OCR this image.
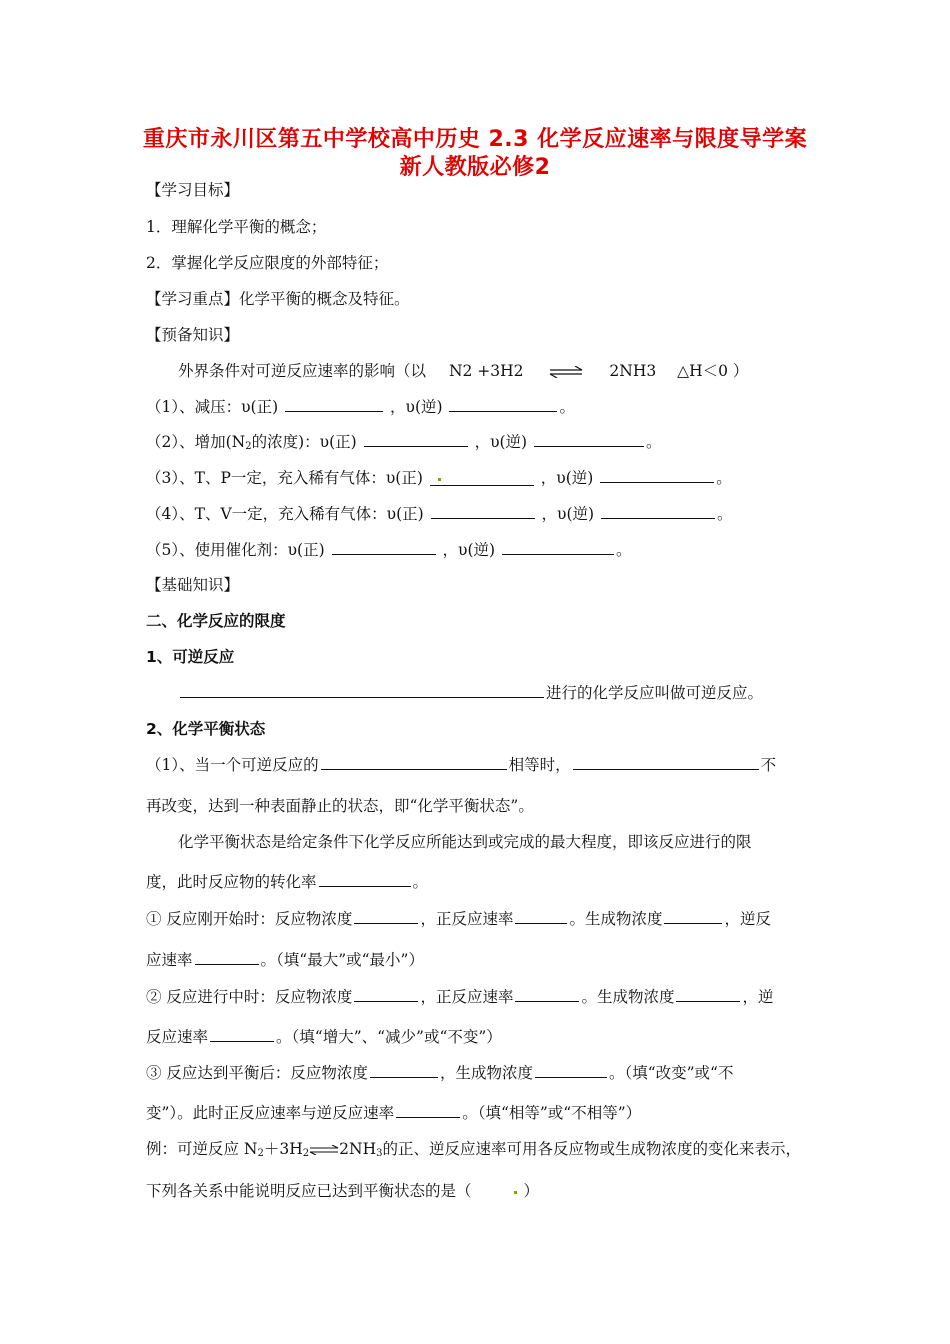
重庆市永川区第五中学校高中历史 2.3 化学反应速率与限度导学案
新人教版必修2
【学习目标】
1．理解化学平衡的概念；
2．掌握化学反应限度的外部特征；
【学习重点】化学平衡的概念及特征。
【预备知识】
外界条件对可逆反应速率的影响（以 N2 +3H2	2NH3 △H＜0 ）
（1）、减压：υ(正)	，υ(逆)	。
（2）、增加($N_2$的浓度)：υ(正)	，υ(逆)	。
（3）、T、P一定，充入稀有气体：υ(正)	，υ(逆)	。
（4）、T、V一定，充入稀有气体：υ(正)	，υ(逆)	。
（5）、使用催化剂：υ(正)	，υ(逆)	。
【基础知识】
二、化学反应的限度
1、可逆反应
进行的化学反应叫做可逆反应。
2、化学平衡状态
（1）、当一个可逆反应的	相等时，	不
再改变，达到一种表面静止的状态，即“化学平衡状态”。
化学平衡状态是给定条件下化学反应所能达到或完成的最大程度，即该反应进行的限
度，此时反应物的转化率	。
① 反应刚开始时：反应物浓度	，正反应速率	。生成物浓度	，逆反
应速率	。（填“最大”或“最小”）
② 反应进行中时：反应物浓度	，正反应速率	。生成物浓度	，逆
反应速率	。（填“增大”、“减少”或“不变”）
③ 反应达到平衡后：反应物浓度	，生成物浓度	。（填“改变”或“不
变”）。此时正反应速率与逆反应速率	。（填“相等”或“不相等”）
例：可逆反应 $N_2+3H_2\rightleftharpoons 2NH_3$的正、逆反应速率可用各反应物或生成物浓度的变化来表示，
下列各关系中能说明反应已达到平衡状态的是（	）
